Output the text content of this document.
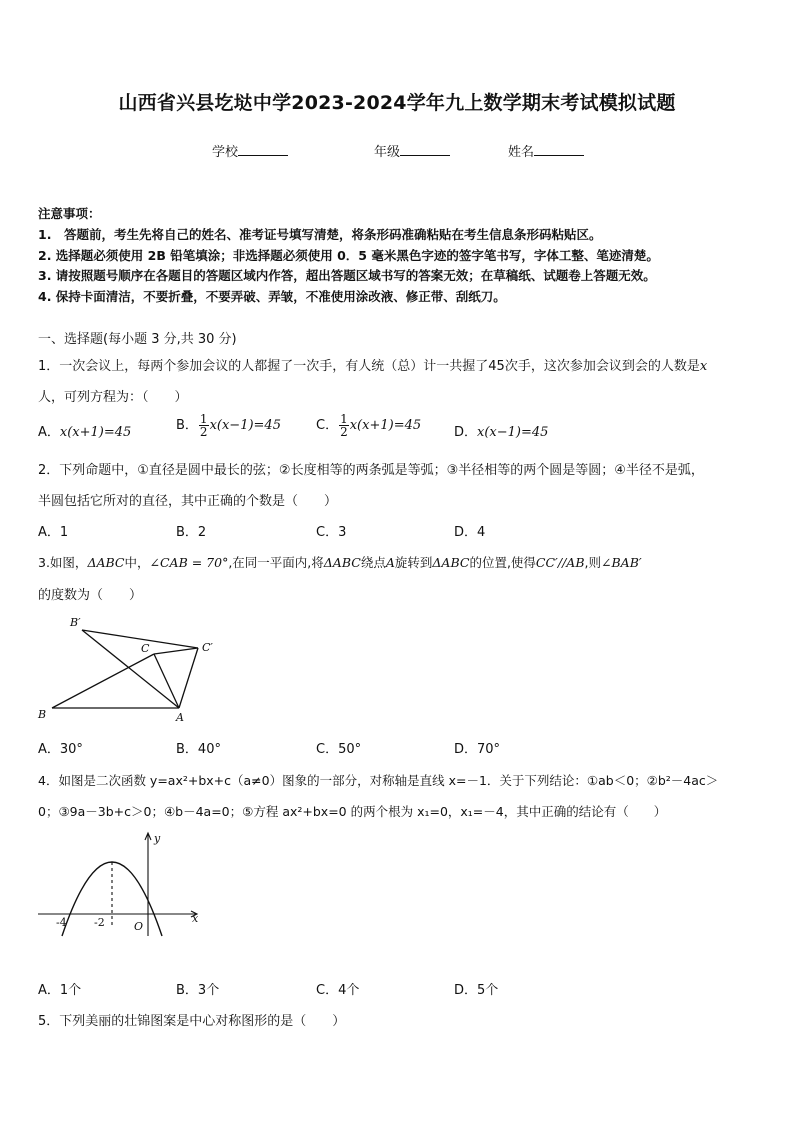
山西省兴县圪垯中学2023-2024学年九上数学期末考试模拟试题
学校	年级	姓名
注意事项：
1.　答题前，考生先将自己的姓名、准考证号填写清楚，将条形码准确粘贴在考生信息条形码粘贴区。
2. 选择题必须使用 2B 铅笔填涂；非选择题必须使用 0．5 毫米黑色字迹的签字笔书写，字体工整、笔迹清楚。
3. 请按照题号顺序在各题目的答题区域内作答，超出答题区域书写的答案无效；在草稿纸、试题卷上答题无效。
4. 保持卡面清洁，不要折叠，不要弄破、弄皱，不准使用涂改液、修正带、刮纸刀。
一、选择题(每小题 3 分,共 30 分)
1．一次会议上，每两个参加会议的人都握了一次手，有人统（总）计一共握了45次手，这次参加会议到会的人数是x
人，可列方程为：（　　）
A．x(x+1)=45	B． $\frac{1}{2} x(x-1)=45$	C． $\frac{1}{2} x(x+1)=45$	D．x(x−1)=45
2．下列命题中，①直径是圆中最长的弦；②长度相等的两条弧是等弧；③半径相等的两个圆是等圆；④半径不是弧，
半圆包括它所对的直径，其中正确的个数是（　　）
A．1	B．2	C．3	D．4
3.如图，ΔABC中，∠CAB = 70°,在同一平面内,将ΔABC绕点A旋转到ΔABC的位置,使得CC′//AB,则∠BAB′
的度数为（　　）
B′
C	C′
B	A
A．30°	B．40°	C．50°	D．70°
4．如图是二次函数 y=ax²+bx+c（a≠0）图象的一部分，对称轴是直线 x=－1．关于下列结论：①ab＜0；②b²－4ac＞
0；③9a－3b+c＞0；④b－4a=0；⑤方程 ax²+bx=0 的两个根为 x₁=0，x₁=－4，其中正确的结论有（　　）
y
x
-4 -2	O
A．1个	B．3个	C．4个	D．5个
5．下列美丽的壮锦图案是中心对称图形的是（　　）
